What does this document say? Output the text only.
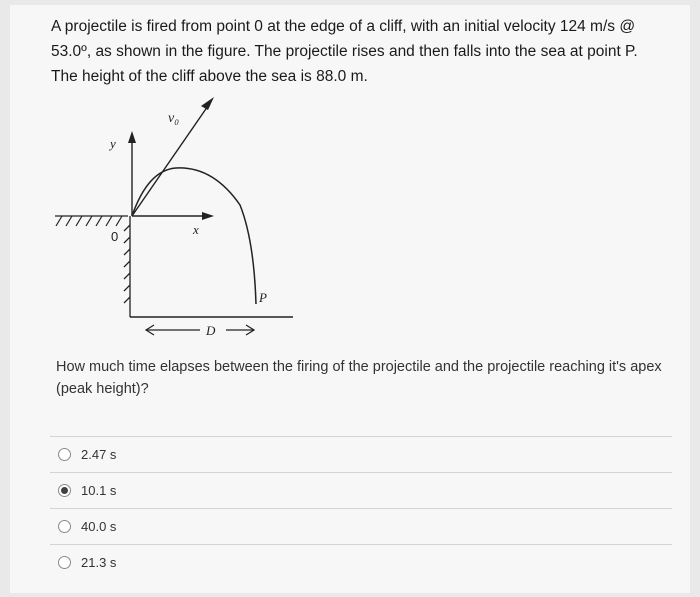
A projectile is fired from point 0 at the edge of a cliff, with an initial velocity 124 m/s @
53.0º, as shown in the figure. The projectile rises and then falls into the sea at point P.
The height of the cliff above the sea is 88.0 m.
v₀
y
x
0
P
D
How much time elapses between the firing of the projectile and the projectile reaching it's apex (peak height)?
2.47 s
10.1 s
40.0 s
21.3 s
